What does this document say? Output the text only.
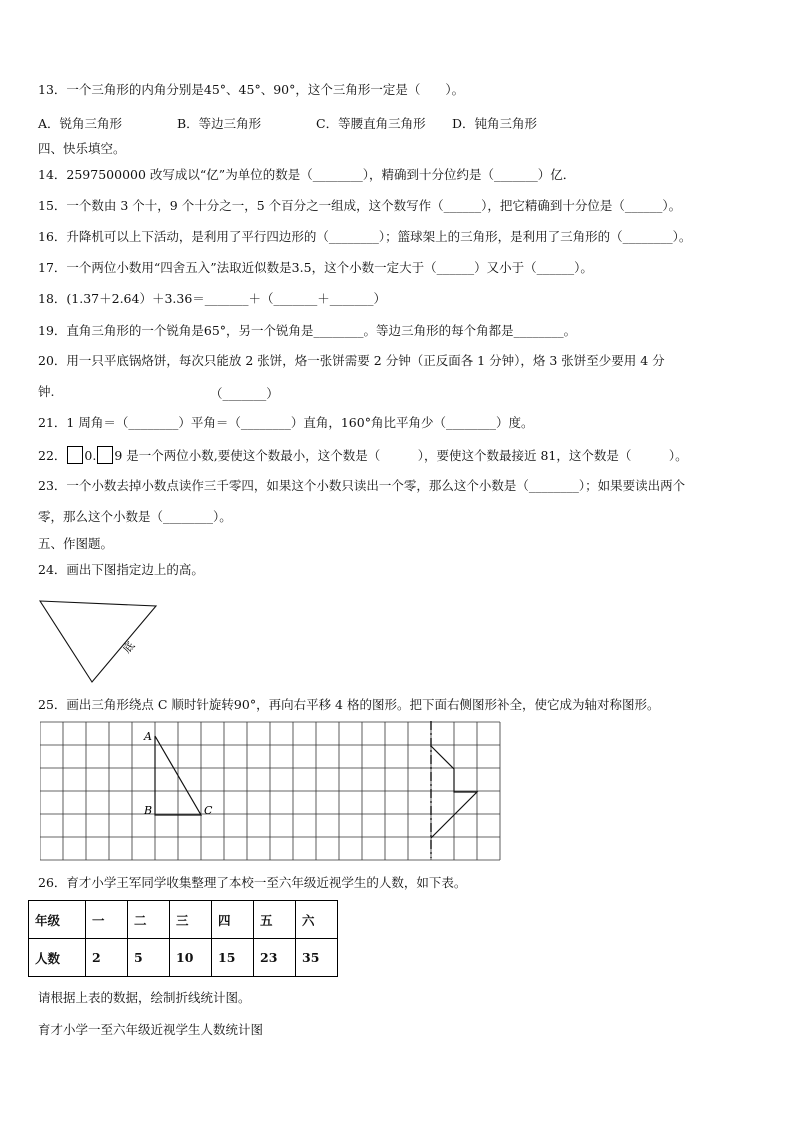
13．一个三角形的内角分别是45°、45°、90°，这个三角形一定是（　　）。
A．锐角三角形	B．等边三角形	C．等腰直角三角形 D．钝角三角形
四、快乐填空。
14．2597500000 改写成以“亿”为单位的数是（________），精确到十分位约是（_______）亿．
15．一个数由 3 个十，9 个十分之一，5 个百分之一组成，这个数写作（______），把它精确到十分位是（______）。
16．升降机可以上下活动，是利用了平行四边形的（________）；篮球架上的三角形，是利用了三角形的（________）。
17．一个两位小数用“四舍五入”法取近似数是3.5，这个小数一定大于（______）又小于（______）。
18．(1.37＋2.64）＋3.36＝_______＋（_______＋_______）
19．直角三角形的一个锐角是65°，另一个锐角是________。等边三角形的每个角都是________。
20．用一只平底锅烙饼，每次只能放 2 张饼，烙一张饼需要 2 分钟（正反面各 1 分钟），烙 3 张饼至少要用 4 分
钟.	（_______）
21．1 周角＝（________）平角＝（________）直角，160°角比平角少（________）度。
22． 0. 9 是一个两位小数,要使这个数最小，这个数是（　　　），要使这个数最接近 81，这个数是（　　　）。
23．一个小数去掉小数点读作三千零四，如果这个小数只读出一个零，那么这个小数是（________）；如果要读出两个
零，那么这个小数是（________）。
五、作图题。
24．画出下图指定边上的高。
底
25．画出三角形绕点 C 顺时针旋转90°，再向右平移 4 格的图形。把下面右侧图形补全，使它成为轴对称图形。
A
B	C
26．育才小学王军同学收集整理了本校一至六年级近视学生的人数，如下表。
年级	一	二	三	四	五	六
人数	2	5	10	15	23	35
请根据上表的数据，绘制折线统计图。
育才小学一至六年级近视学生人数统计图
